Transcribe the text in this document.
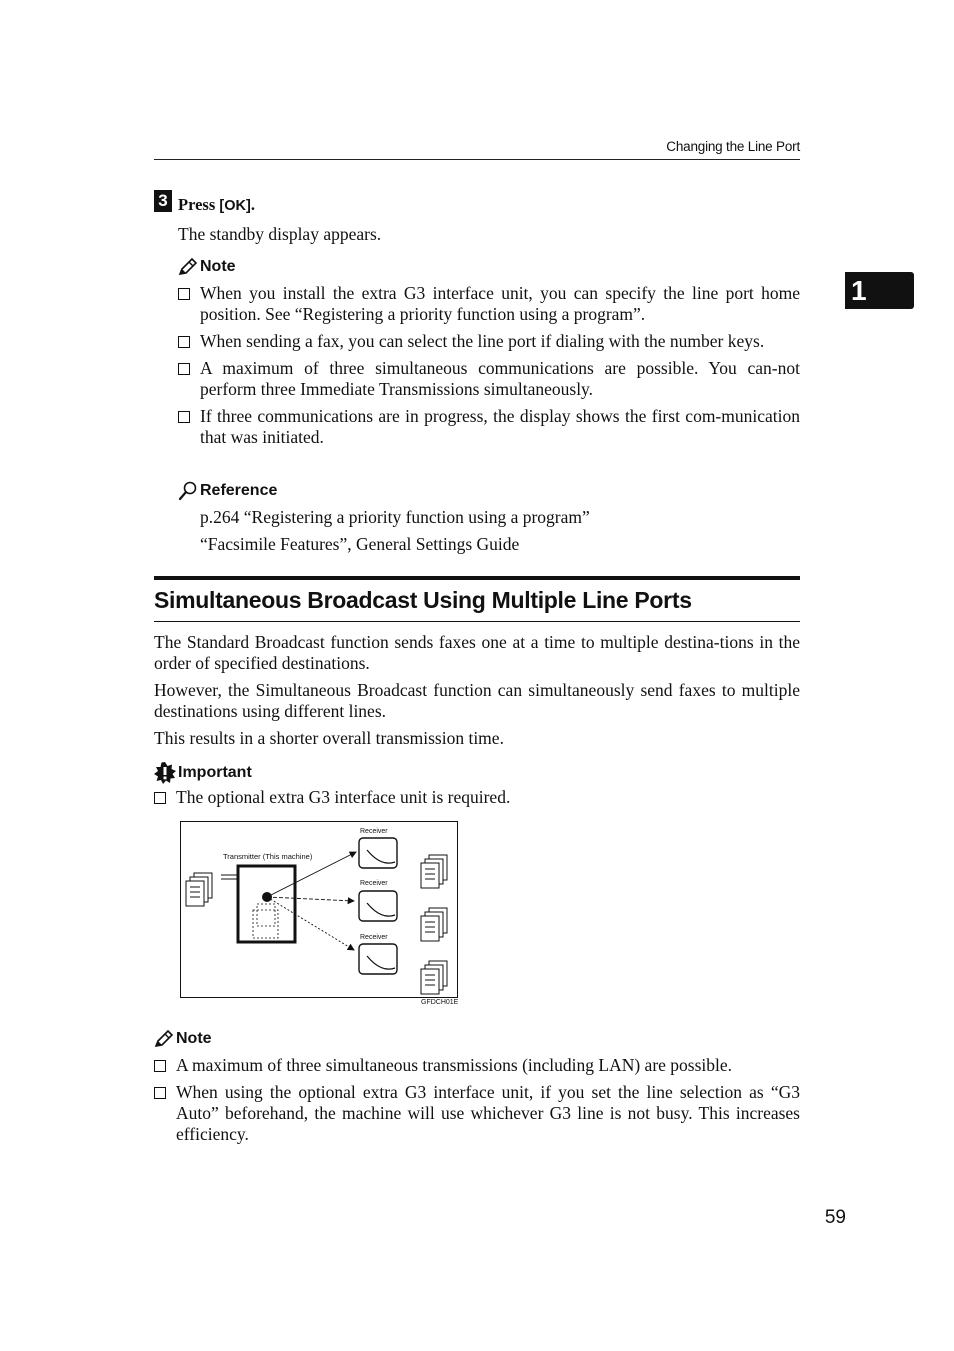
Changing the Line Port
1
3 Press [OK].
The standby display appears.
Note
When you install the extra G3 interface unit, you can specify the line port home position. See “Registering a priority function using a program”.
When sending a fax, you can select the line port if dialing with the number keys.
A maximum of three simultaneous communications are possible. You can-not perform three Immediate Transmissions simultaneously.
If three communications are in progress, the display shows the first com-munication that was initiated.
Reference
p.264 “Registering a priority function using a program”
“Facsimile Features”, General Settings Guide
Simultaneous Broadcast Using Multiple Line Ports
The Standard Broadcast function sends faxes one at a time to multiple destina-tions in the order of specified destinations.
However, the Simultaneous Broadcast function can simultaneously send faxes to multiple destinations using different lines.
This results in a shorter overall transmission time.
Important
The optional extra G3 interface unit is required.
Transmitter (This machine)
Receiver
Receiver
Receiver
GFDCH01E
Note
A maximum of three simultaneous transmissions (including LAN) are possible.
When using the optional extra G3 interface unit, if you set the line selection as “G3 Auto” beforehand, the machine will use whichever G3 line is not busy. This increases efficiency.
59
